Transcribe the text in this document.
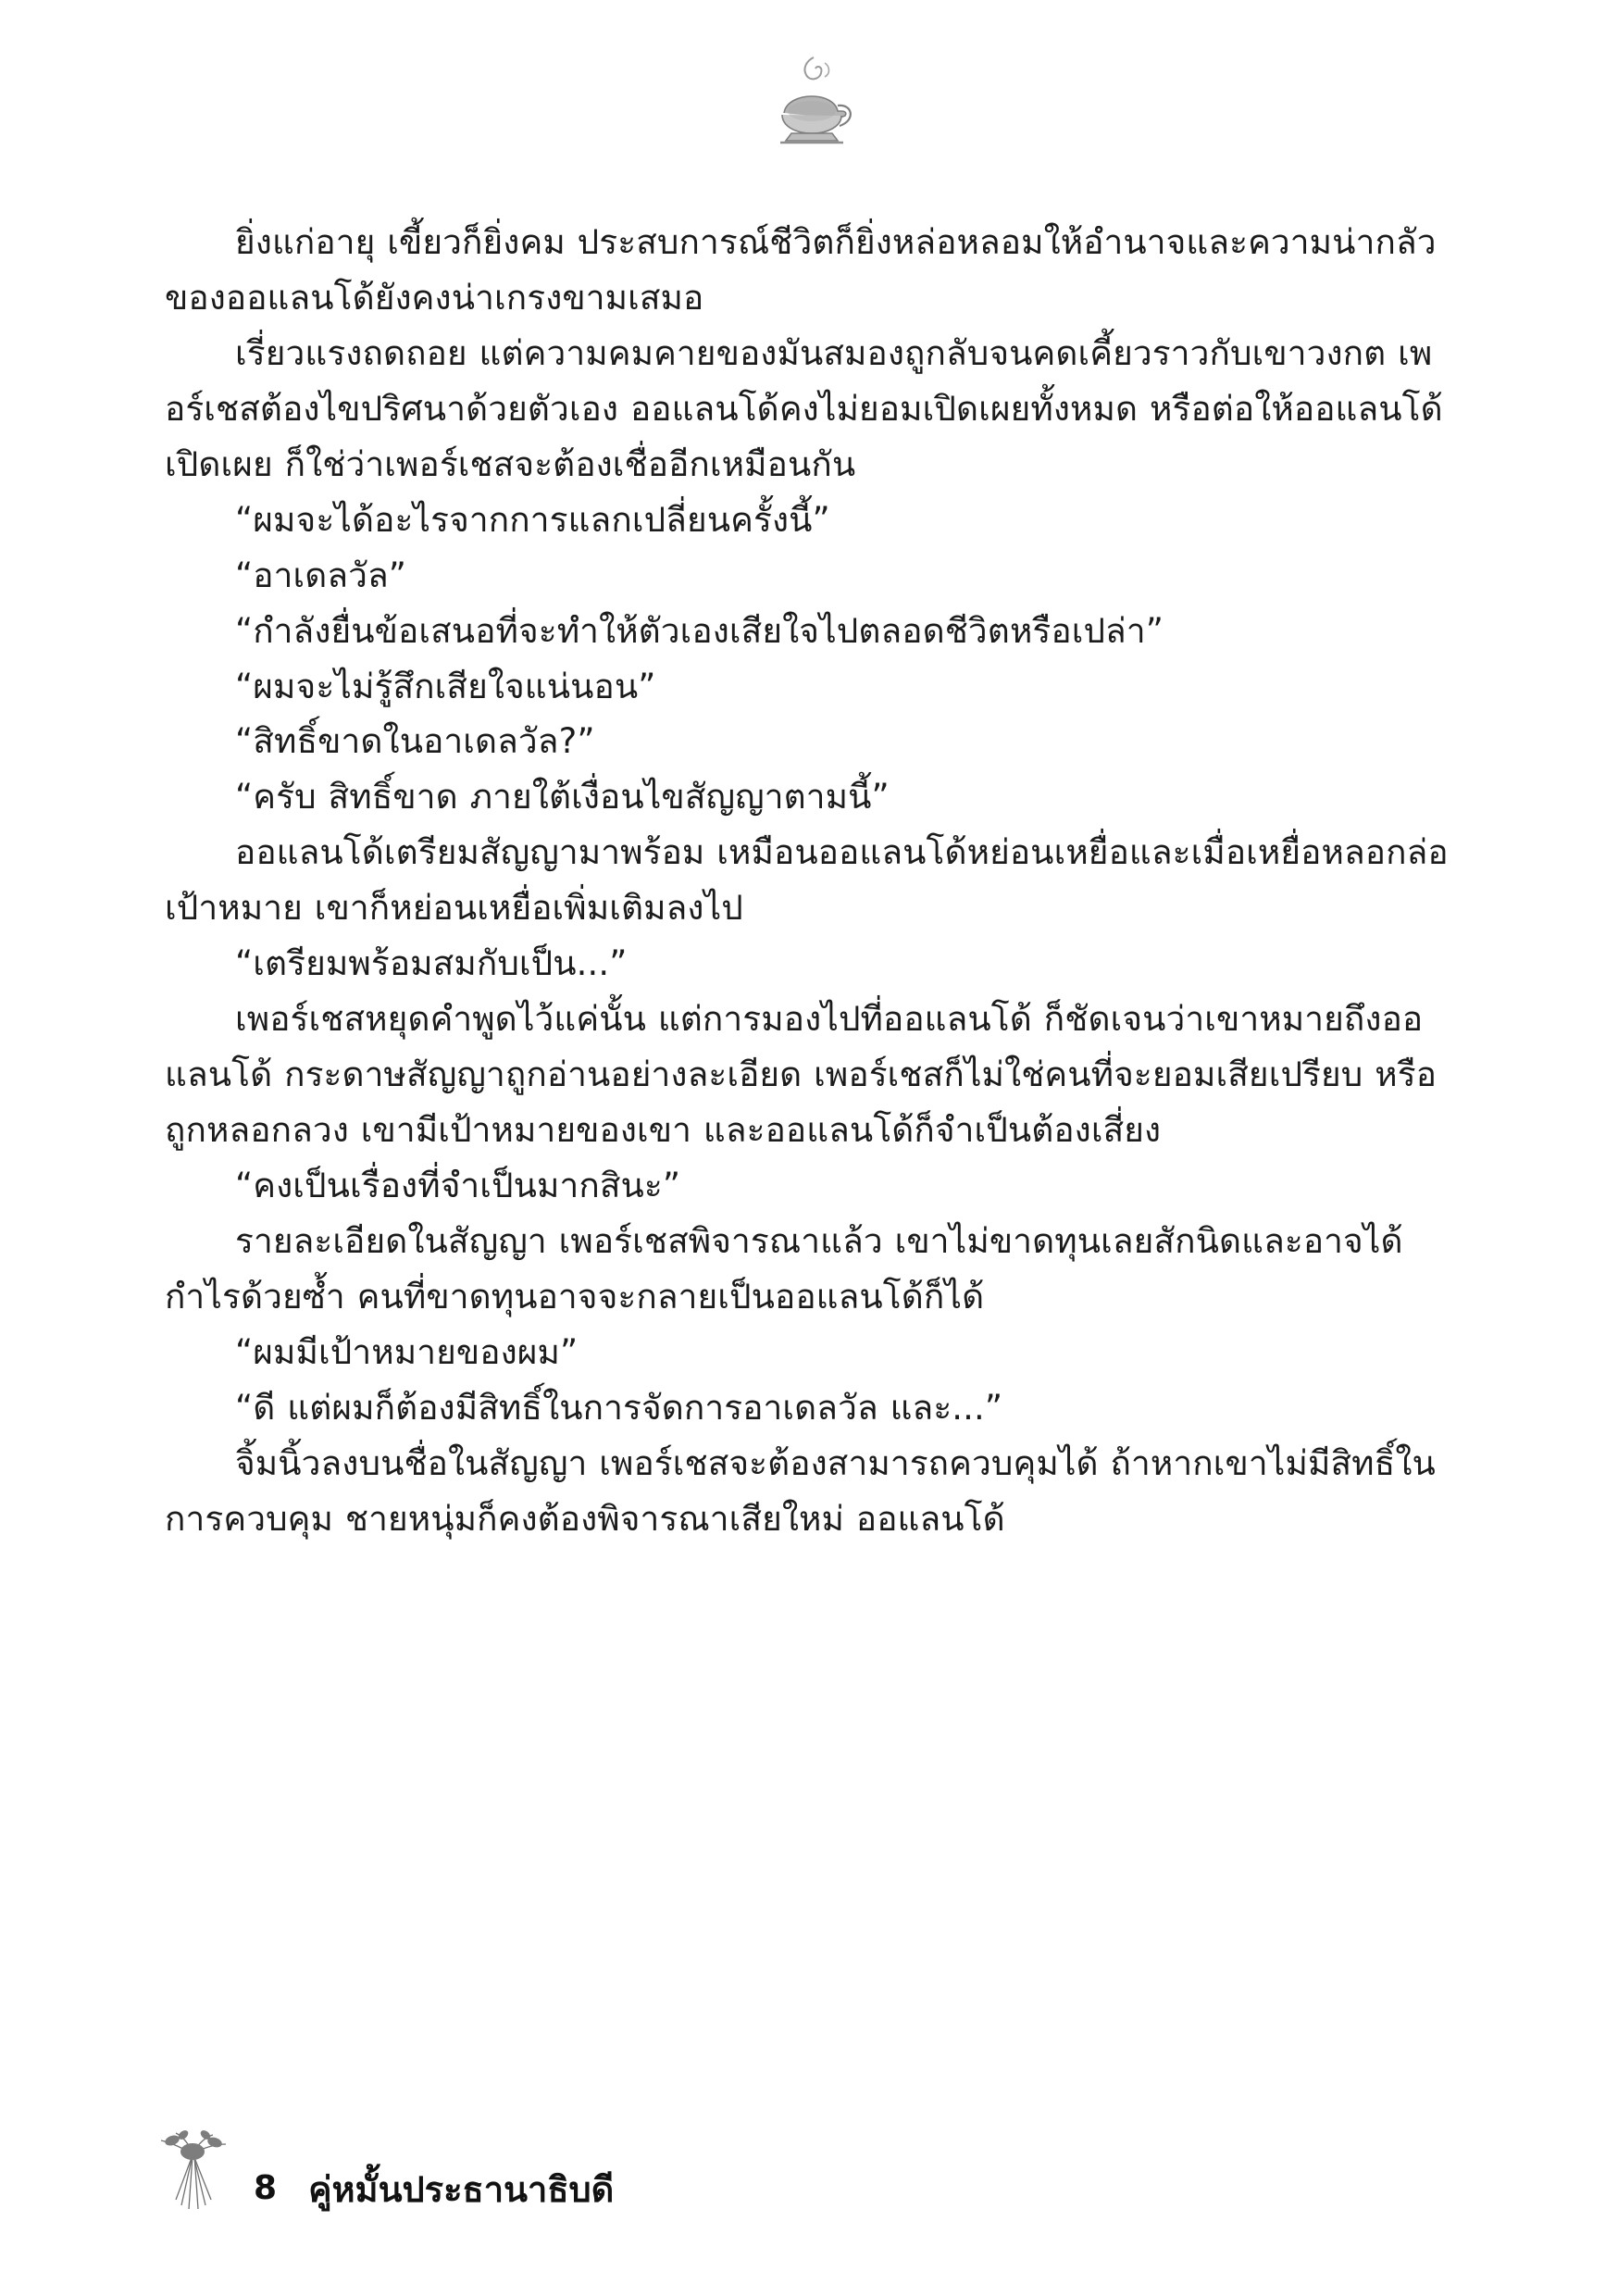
ยิ่งแก่อายุ เขี้ยวก็ยิ่งคม ประสบการณ์ชีวิตก็ยิ่งหล่อหลอมให้อำนาจและความน่ากลัวของออแลนโด้ยังคงน่าเกรงขามเสมอ

เรี่ยวแรงถดถอย แต่ความคมคายของมันสมองถูกลับจนคดเคี้ยวราวกับเขาวงกต เพอร์เชสต้องไขปริศนาด้วยตัวเอง ออแลนโด้คงไม่ยอมเปิดเผยทั้งหมด หรือต่อให้ออแลนโด้เปิดเผย ก็ใช่ว่าเพอร์เชสจะต้องเชื่ออีกเหมือนกัน

“ผมจะได้อะไรจากการแลกเปลี่ยนครั้งนี้”

“อาเดลวัล”

“กำลังยื่นข้อเสนอที่จะทำให้ตัวเองเสียใจไปตลอดชีวิตหรือเปล่า”

“ผมจะไม่รู้สึกเสียใจแน่นอน”

“สิทธิ์ขาดในอาเดลวัล?”

“ครับ สิทธิ์ขาด ภายใต้เงื่อนไขสัญญาตามนี้”

ออแลนโด้เตรียมสัญญามาพร้อม เหมือนออแลนโด้หย่อนเหยื่อและเมื่อเหยื่อหลอกล่อเป้าหมาย เขาก็หย่อนเหยื่อเพิ่มเติมลงไป

“เตรียมพร้อมสมกับเป็น...”

เพอร์เชสหยุดคำพูดไว้แค่นั้น แต่การมองไปที่ออแลนโด้ ก็ชัดเจนว่าเขาหมายถึงออแลนโด้ กระดาษสัญญาถูกอ่านอย่างละเอียด เพอร์เชสก็ไม่ใช่คนที่จะยอมเสียเปรียบ หรือถูกหลอกลวง เขามีเป้าหมายของเขา และออแลนโด้ก็จำเป็นต้องเสี่ยง

“คงเป็นเรื่องที่จำเป็นมากสินะ”

รายละเอียดในสัญญา เพอร์เชสพิจารณาแล้ว เขาไม่ขาดทุนเลยสักนิดและอาจได้กำไรด้วยซ้ำ คนที่ขาดทุนอาจจะกลายเป็นออแลนโด้ก็ได้

“ผมมีเป้าหมายของผม”

“ดี แต่ผมก็ต้องมีสิทธิ์ในการจัดการอาเดลวัล และ...”

จิ้มนิ้วลงบนชื่อในสัญญา เพอร์เชสจะต้องสามารถควบคุมได้ ถ้าหากเขาไม่มีสิทธิ์ในการควบคุม ชายหนุ่มก็คงต้องพิจารณาเสียใหม่ ออแลนโด้

8 คู่หมั้นประธานาธิบดี
